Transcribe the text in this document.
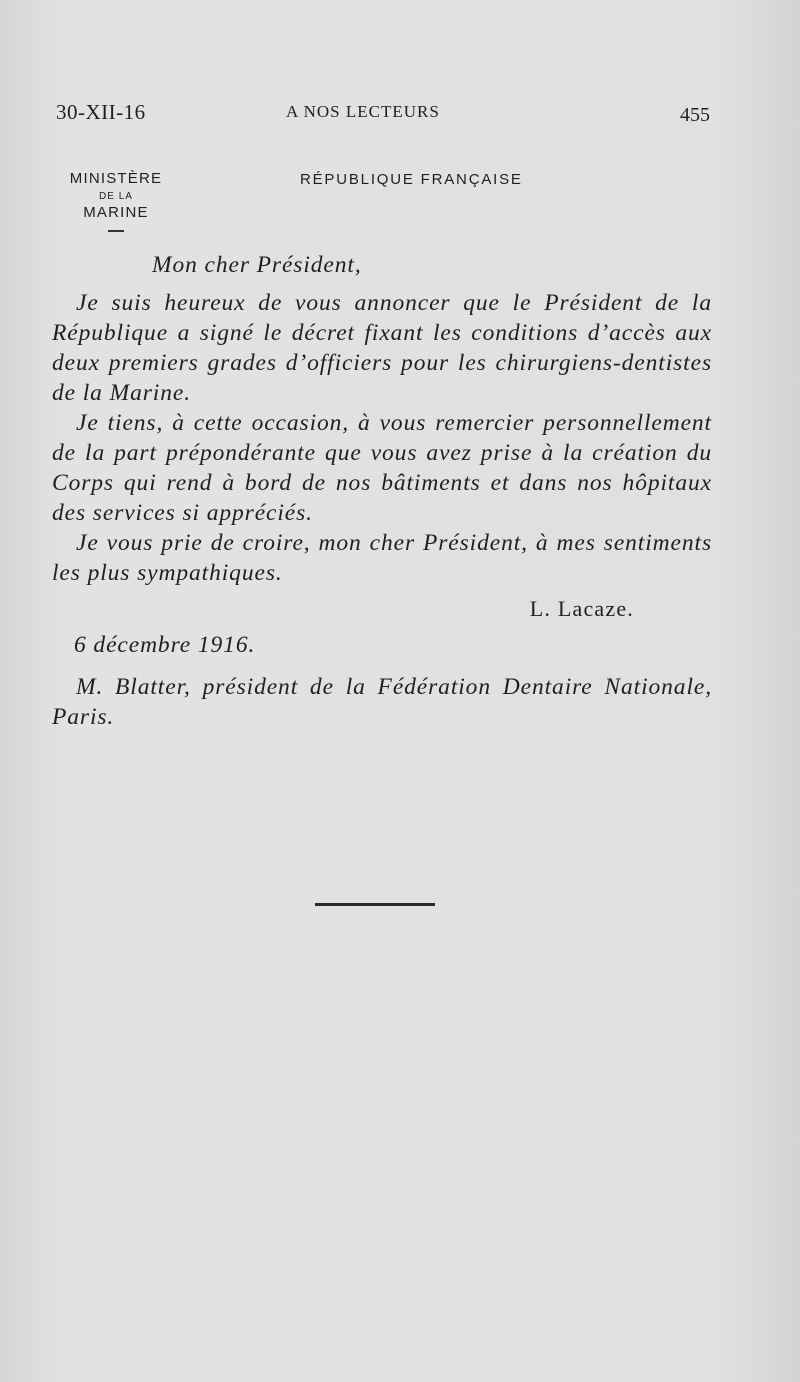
30-XII-16	A NOS LECTEURS	455
MINISTÈRE
DE LA
MARINE
RÉPUBLIQUE FRANÇAISE
Mon cher Président,

Je suis heureux de vous annoncer que le Président de la République a signé le décret fixant les conditions d’accès aux deux premiers grades d’officiers pour les chirurgiens-dentistes de la Marine.

Je tiens, à cette occasion, à vous remercier personnellement de la part prépondérante que vous avez prise à la création du Corps qui rend à bord de nos bâtiments et dans nos hôpitaux des services si appréciés.

Je vous prie de croire, mon cher Président, à mes sentiments les plus sympathiques.

L. Lacaze.
6 décembre 1916.

M. Blatter, président de la Fédération Dentaire Nationale, Paris.
